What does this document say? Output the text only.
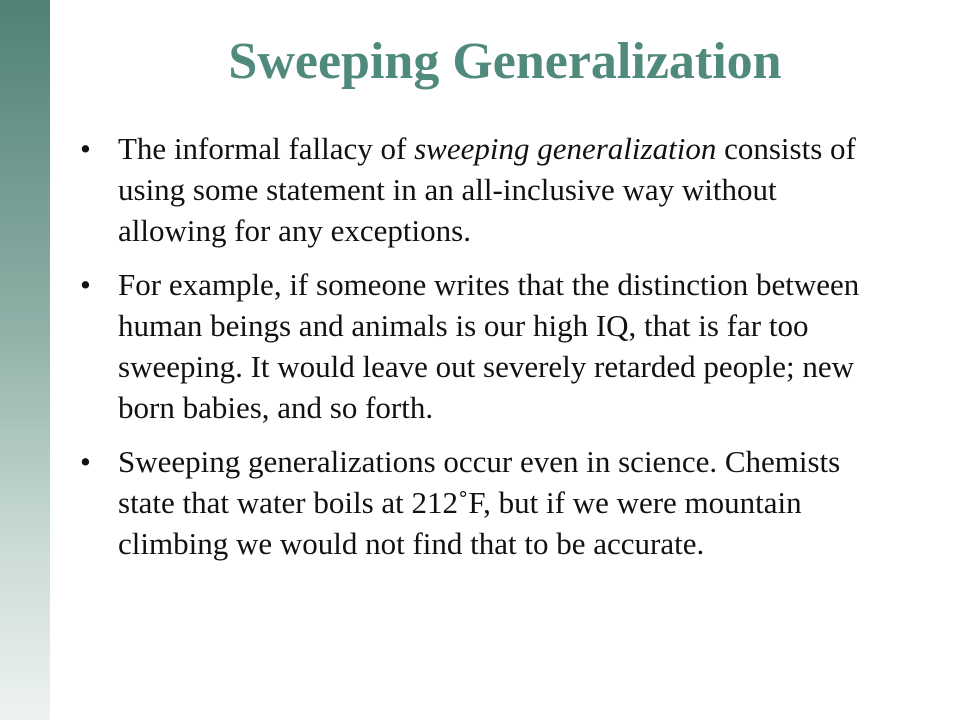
Sweeping Generalization
• The informal fallacy of sweeping generalization consists of using some statement in an all-inclusive way without allowing for any exceptions.
• For example, if someone writes that the distinction between human beings and animals is our high IQ, that is far too sweeping. It would leave out severely retarded people; new born babies, and so forth.
• Sweeping generalizations occur even in science. Chemists state that water boils at 212˚F, but if we were mountain climbing we would not find that to be accurate.
